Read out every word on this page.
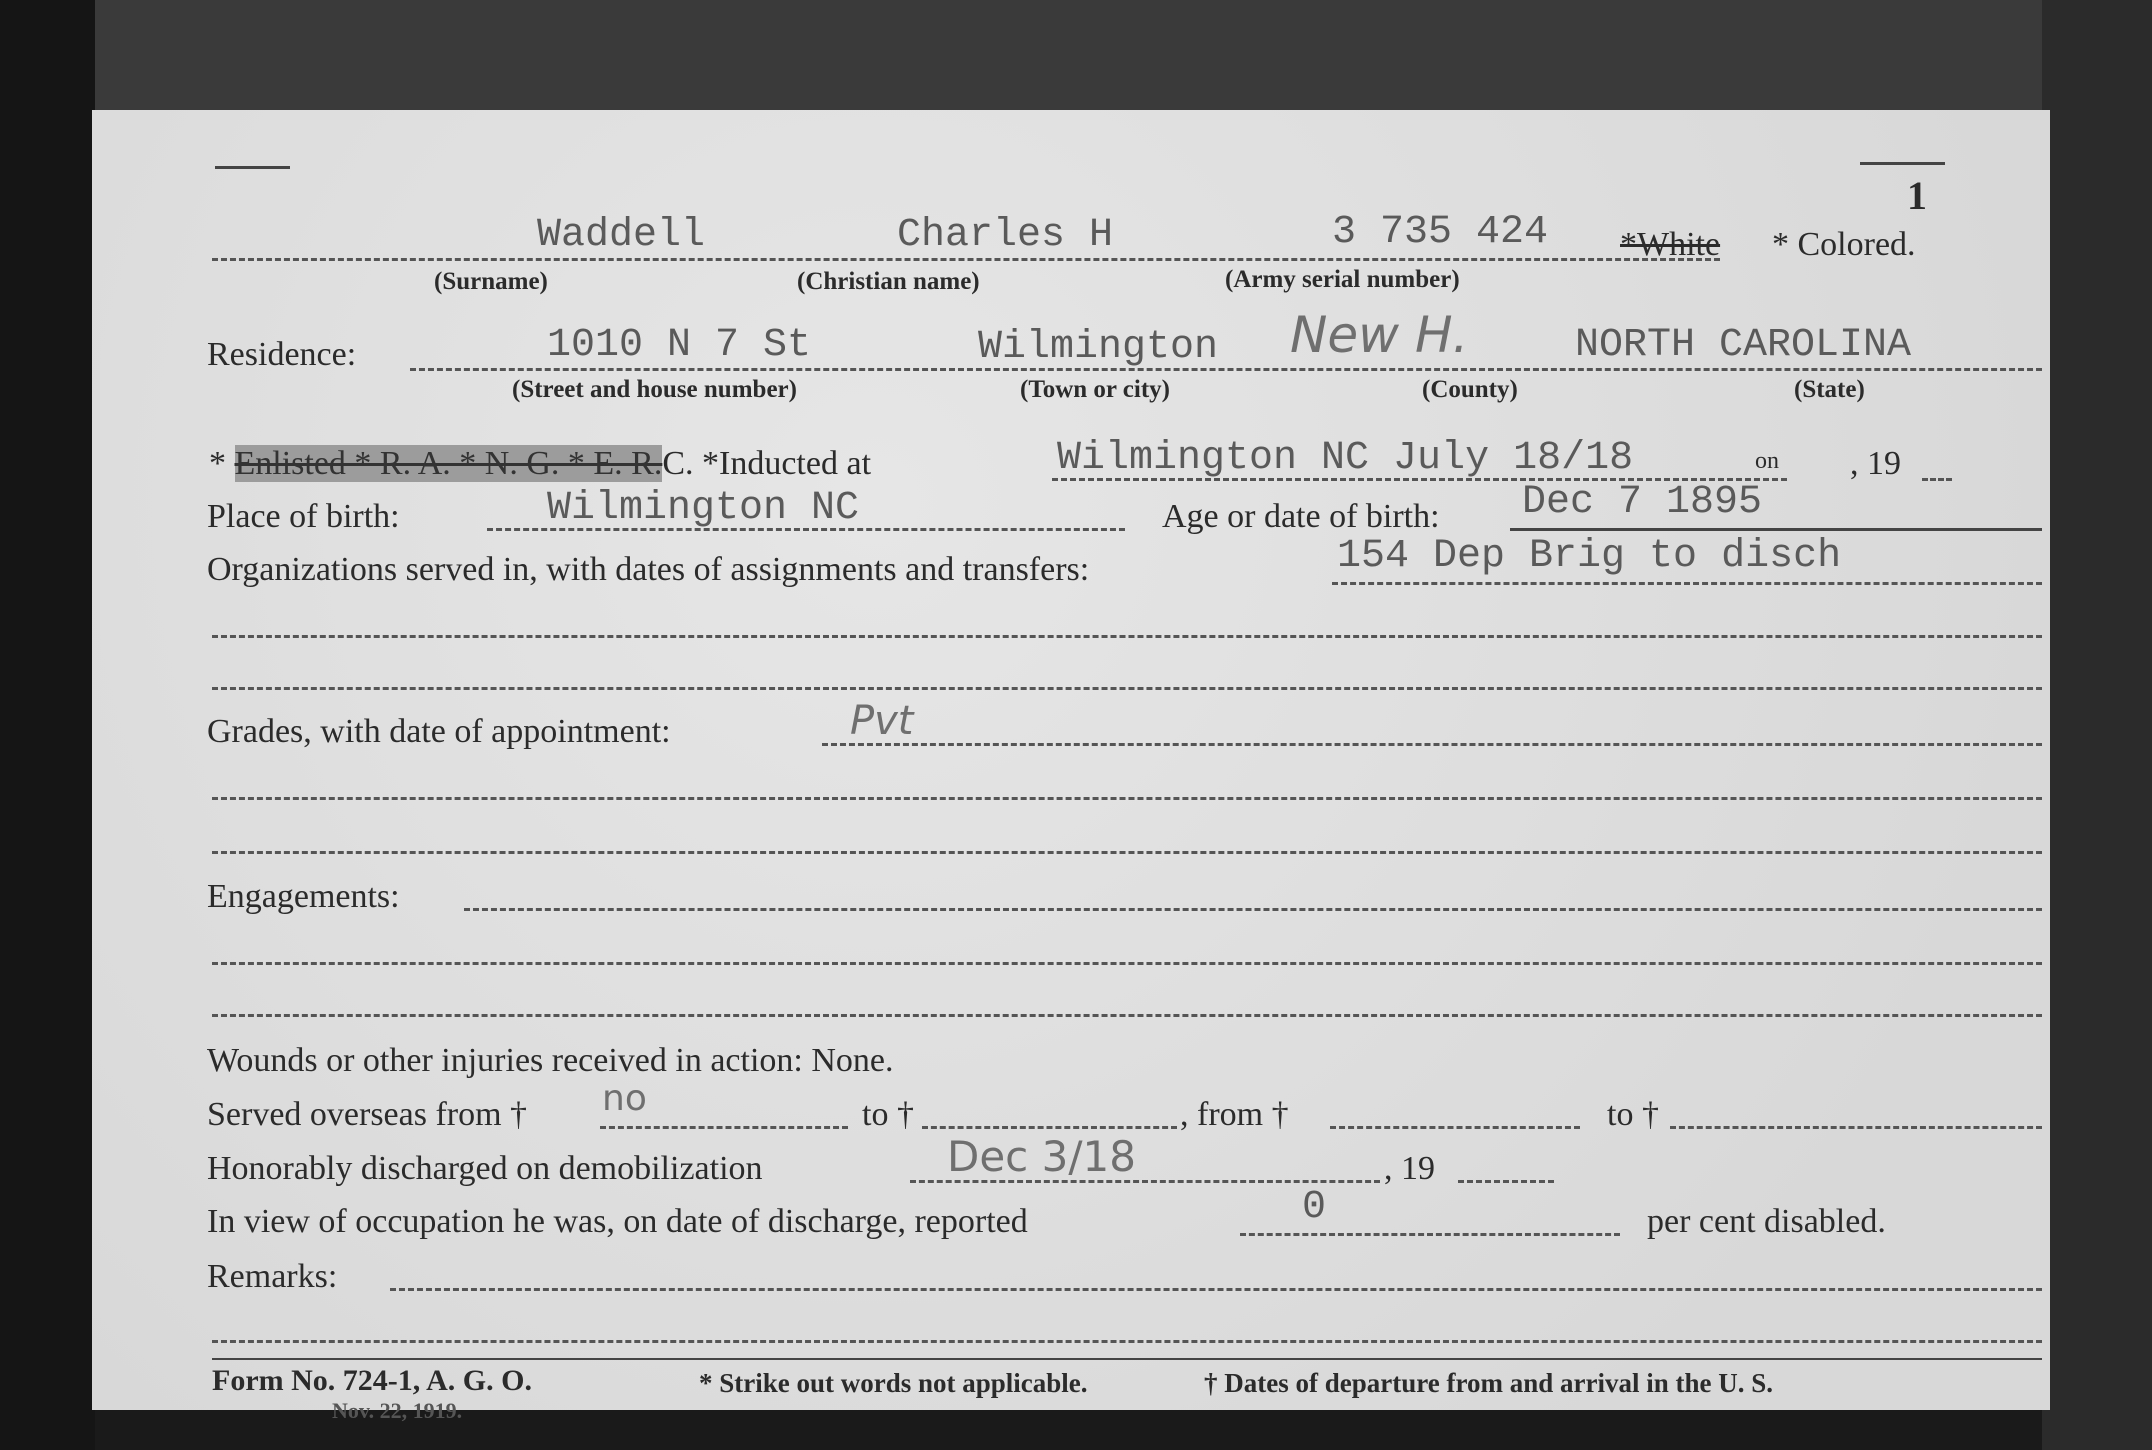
1
Waddell	Charles H	3 735 424 *White * Colored.
(Surname)	(Christian name)	(Army serial number)
Residence:	1010 N 7 St	Wilmington New H.	NORTH CAROLINA
(Street and house number)	(Town or city)	(County)	(State)
* Enlisted * R. A. * N. G. * E. R.C. *Inducted at	Wilmington NC July 18/18	on , 19
Place of birth:	Wilmington NC	Age or date of birth: Dec 7 1895
Organizations served in, with dates of assignments and transfers:	154 Dep Brig to disch
Grades, with date of appointment:	Pvt
Engagements:
Wounds or other injuries received in action: None.
Served overseas from † no	to †	, from †	to †
Honorably discharged on demobilization	Dec 3/18	, 19
In view of occupation he was, on date of discharge, reported	0	per cent disabled.
Remarks:
Form No. 724-1, A. G. O.
Nov. 22, 1919.
* Strike out words not applicable.	† Dates of departure from and arrival in the U. S.
